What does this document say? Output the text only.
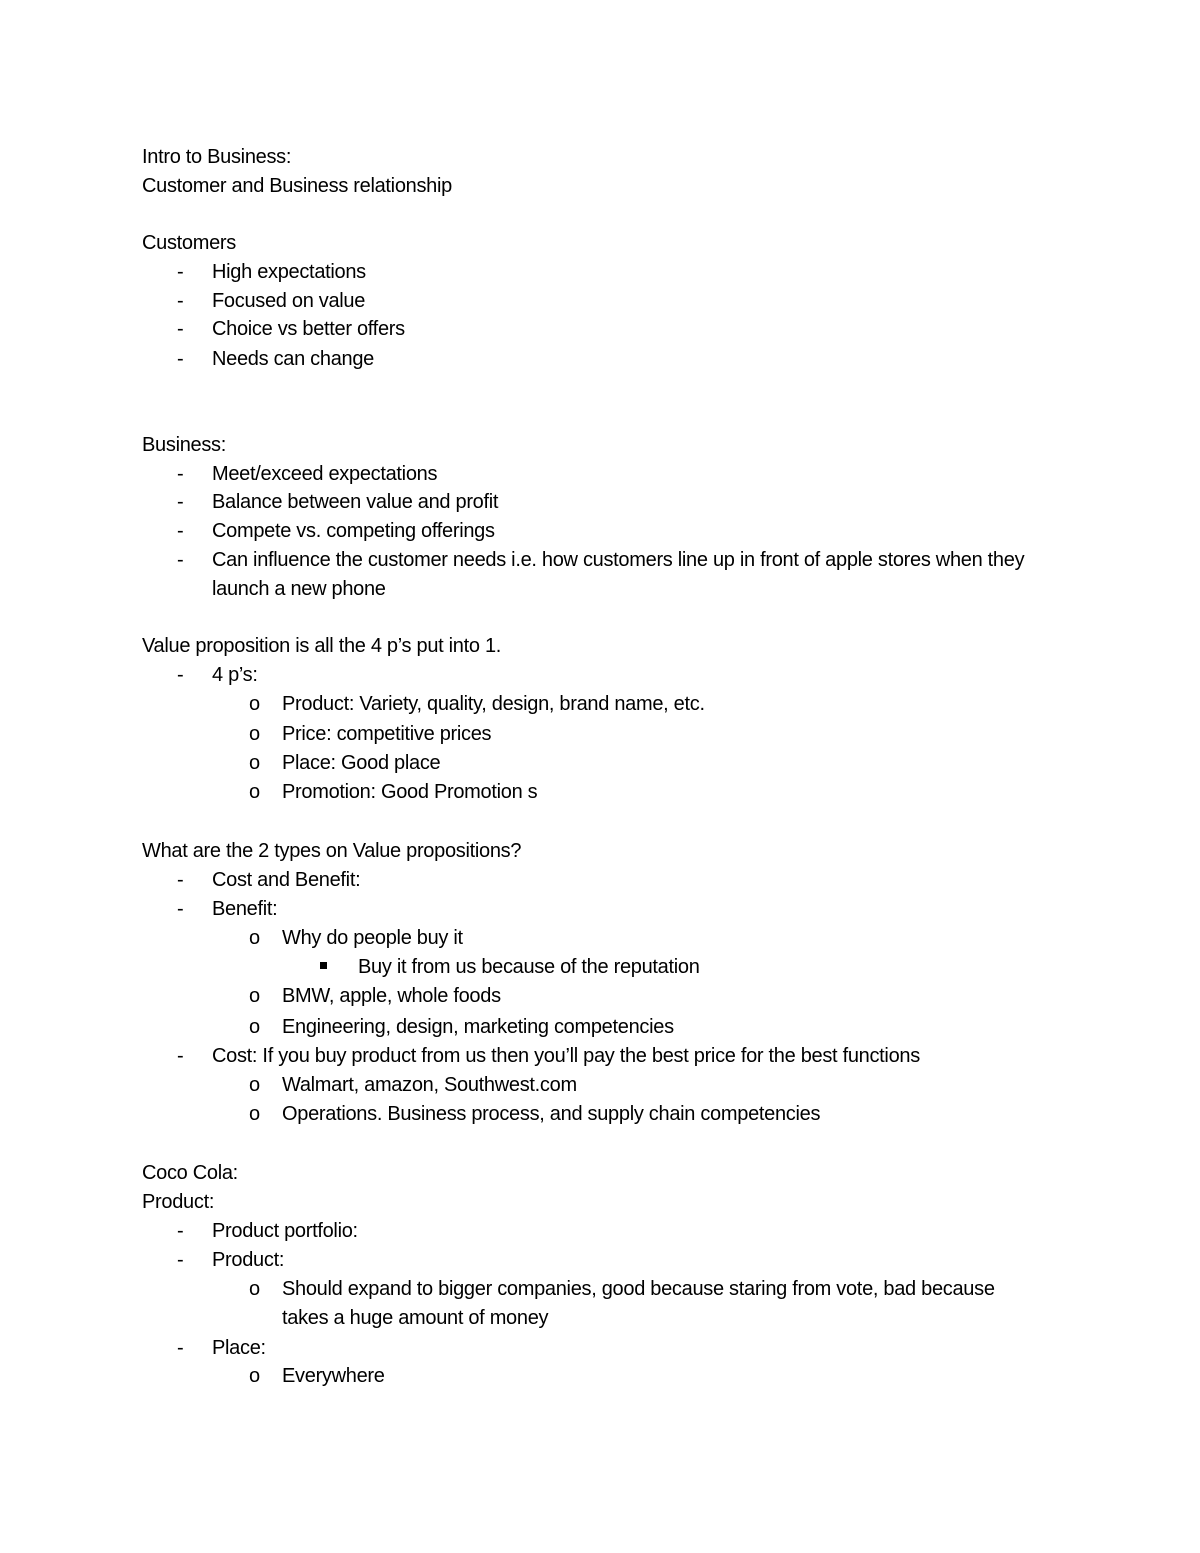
Intro to Business:
Customer and Business relationship
Customers
- High expectations
- Focused on value
- Choice vs better offers
- Needs can change
Business:
- Meet/exceed expectations
- Balance between value and profit
- Compete vs. competing offerings
- Can influence the customer needs i.e. how customers line up in front of apple stores when they launch a new phone
Value proposition is all the 4 p’s put into 1.
- 4 p’s:
o Product: Variety, quality, design, brand name, etc.
o Price: competitive prices
o Place: Good place
o Promotion: Good Promotion s
What are the 2 types on Value propositions?
- Cost and Benefit:
- Benefit:
o Why do people buy it
Buy it from us because of the reputation
o BMW, apple, whole foods
o Engineering, design, marketing competencies
- Cost: If you buy product from us then you’ll pay the best price for the best functions
o Walmart, amazon, Southwest.com
o Operations. Business process, and supply chain competencies
Coco Cola:
Product:
- Product portfolio:
- Product:
o Should expand to bigger companies, good because staring from vote, bad because takes a huge amount of money
- Place:
o Everywhere
